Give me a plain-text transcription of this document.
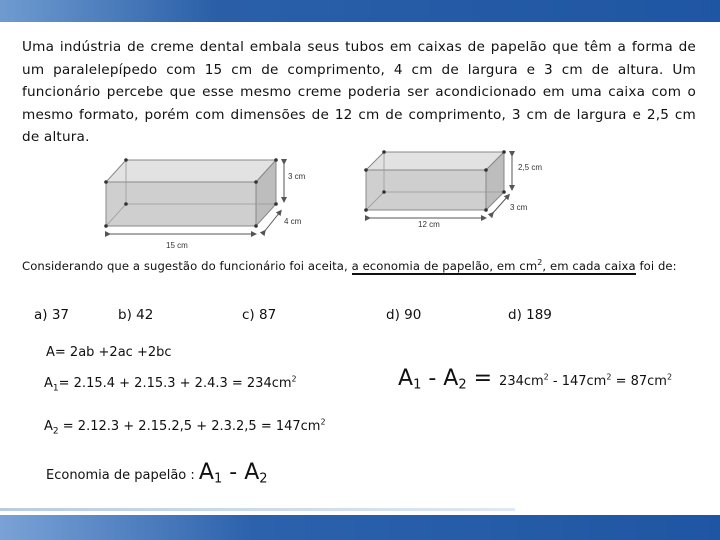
Uma indústria de creme dental embala seus tubos em caixas de papelão que têm a forma de um paralelepípedo com 15 cm de comprimento, 4 cm de largura e 3 cm de altura. Um funcionário percebe que esse mesmo creme poderia ser acondicionado em uma caixa com o mesmo formato, porém com dimensões de 12 cm de comprimento, 3 cm de largura e 2,5 cm de altura.
3 cm
4 cm
15 cm
2,5 cm
3 cm
12 cm
Considerando que a sugestão do funcionário foi aceita, a economia de papelão, em $cm^2$, em cada caixa foi de:
a) 37	b) 42	c) 87	d) 90	d) 189
A= 2ab +2ac +2bc
$A_1= 2.15.4 + 2.15.3 + 2.4.3 = 234cm^2$
$A_2 = 2.12.3 + 2.15.2,5 + 2.3.2,5 = 147cm^2$
$A1 - A2 = 234cm^2 - 147cm^2 = 87cm^2$
Economia de papelão : A1 - A2
